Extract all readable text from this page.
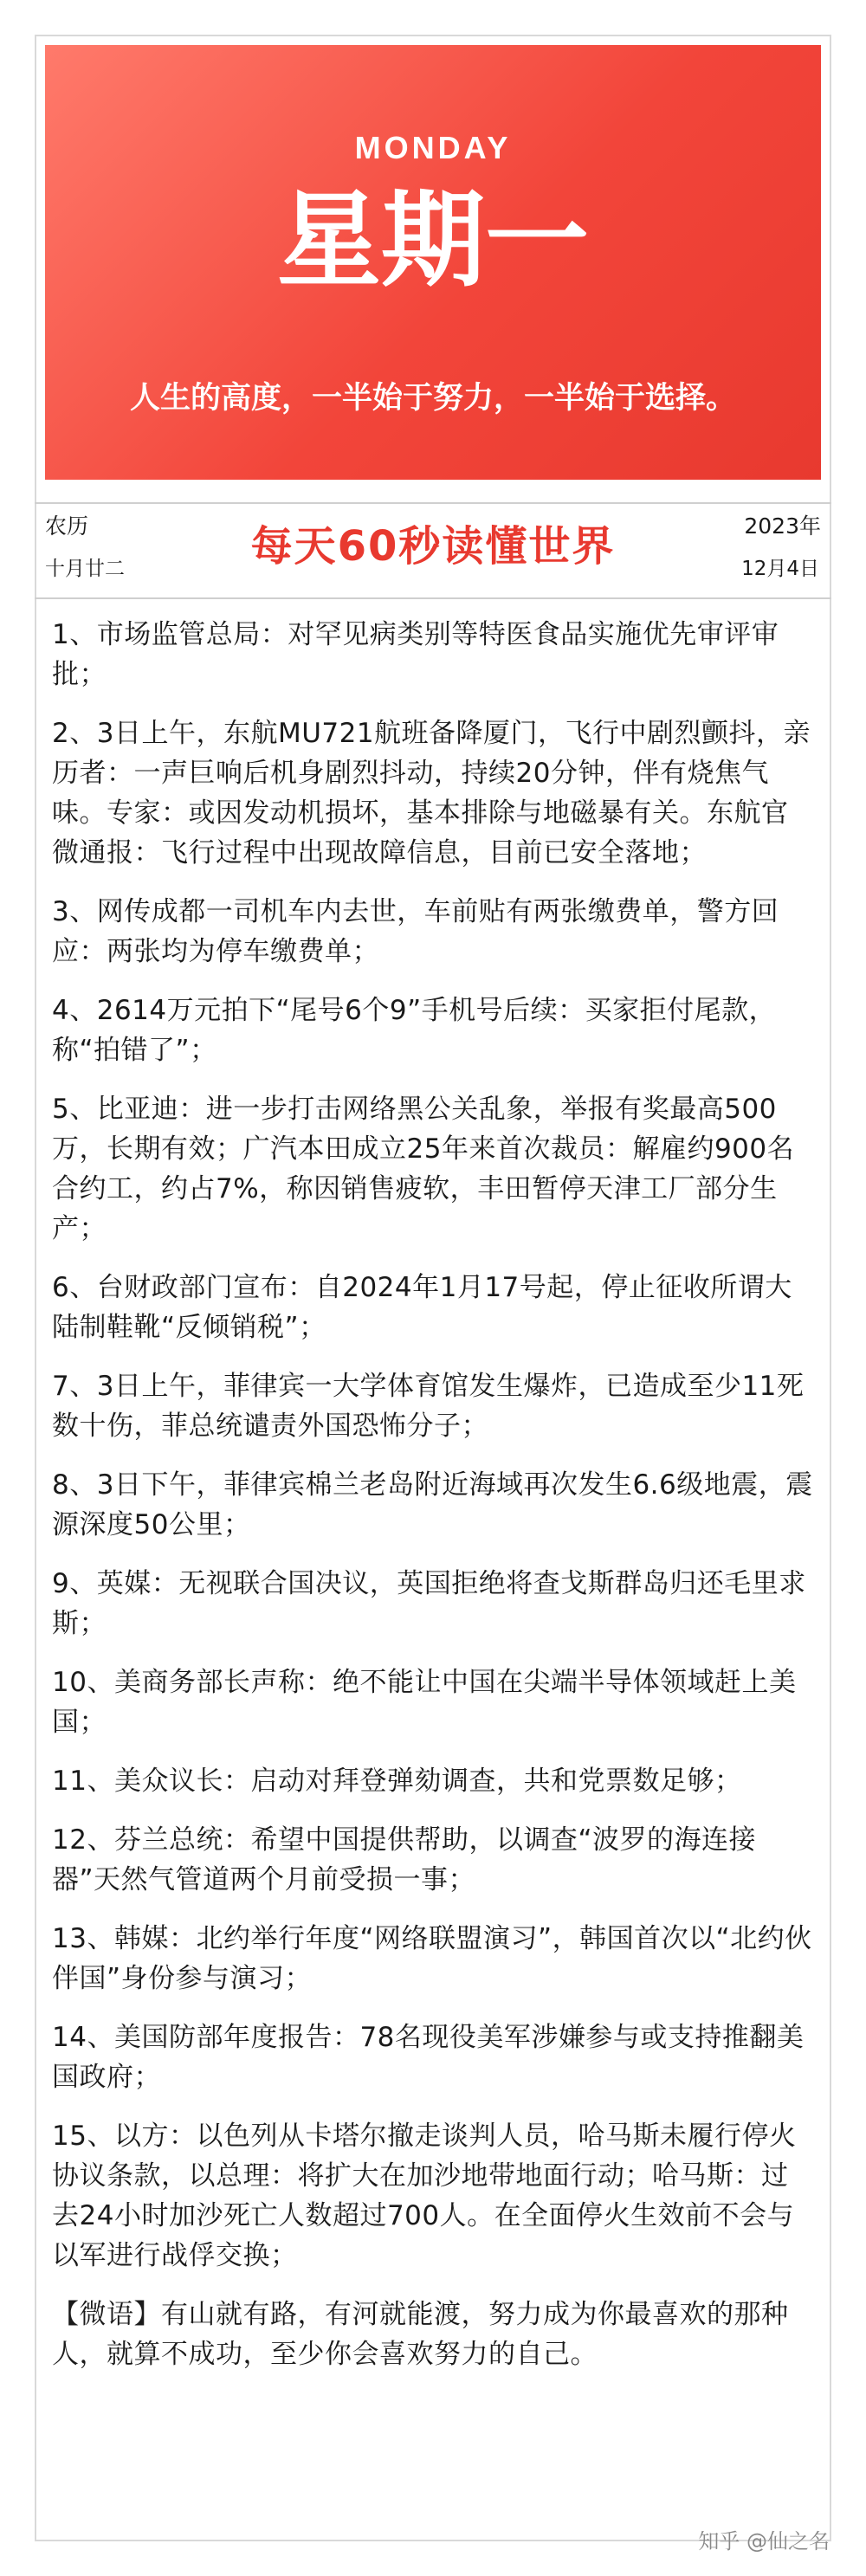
MONDAY
星期一
人生的高度，一半始于努力，一半始于选择。
农历
十月廿二	每天60秒读懂世界	2023年
12月4日

1、市场监管总局：对罕见病类别等特医食品实施优先审评审批；

2、3日上午，东航MU721航班备降厦门，飞行中剧烈颤抖，亲历者：一声巨响后机身剧烈抖动，持续20分钟，伴有烧焦气味。专家：或因发动机损坏，基本排除与地磁暴有关。东航官微通报：飞行过程中出现故障信息，目前已安全落地；

3、网传成都一司机车内去世，车前贴有两张缴费单，警方回应：两张均为停车缴费单；

4、2614万元拍下“尾号6个9”手机号后续：买家拒付尾款，称“拍错了”；

5、比亚迪：进一步打击网络黑公关乱象，举报有奖最高500万，长期有效；广汽本田成立25年来首次裁员：解雇约900名合约工，约占7%，称因销售疲软，丰田暂停天津工厂部分生产；

6、台财政部门宣布：自2024年1月17号起，停止征收所谓大陆制鞋靴“反倾销税”；

7、3日上午，菲律宾一大学体育馆发生爆炸，已造成至少11死数十伤，菲总统谴责外国恐怖分子；

8、3日下午，菲律宾棉兰老岛附近海域再次发生6.6级地震，震源深度50公里；

9、英媒：无视联合国决议，英国拒绝将查戈斯群岛归还毛里求斯；

10、美商务部长声称：绝不能让中国在尖端半导体领域赶上美国；

11、美众议长：启动对拜登弹劾调查，共和党票数足够；

12、芬兰总统：希望中国提供帮助，以调查“波罗的海连接器”天然气管道两个月前受损一事；

13、韩媒：北约举行年度“网络联盟演习”，韩国首次以“北约伙伴国”身份参与演习；

14、美国防部年度报告：78名现役美军涉嫌参与或支持推翻美国政府；

15、以方：以色列从卡塔尔撤走谈判人员，哈马斯未履行停火协议条款，以总理：将扩大在加沙地带地面行动；哈马斯：过去24小时加沙死亡人数超过700人。在全面停火生效前不会与以军进行战俘交换；

【微语】有山就有路，有河就能渡，努力成为你最喜欢的那种人，就算不成功，至少你会喜欢努力的自己。

知乎 @仙之名
